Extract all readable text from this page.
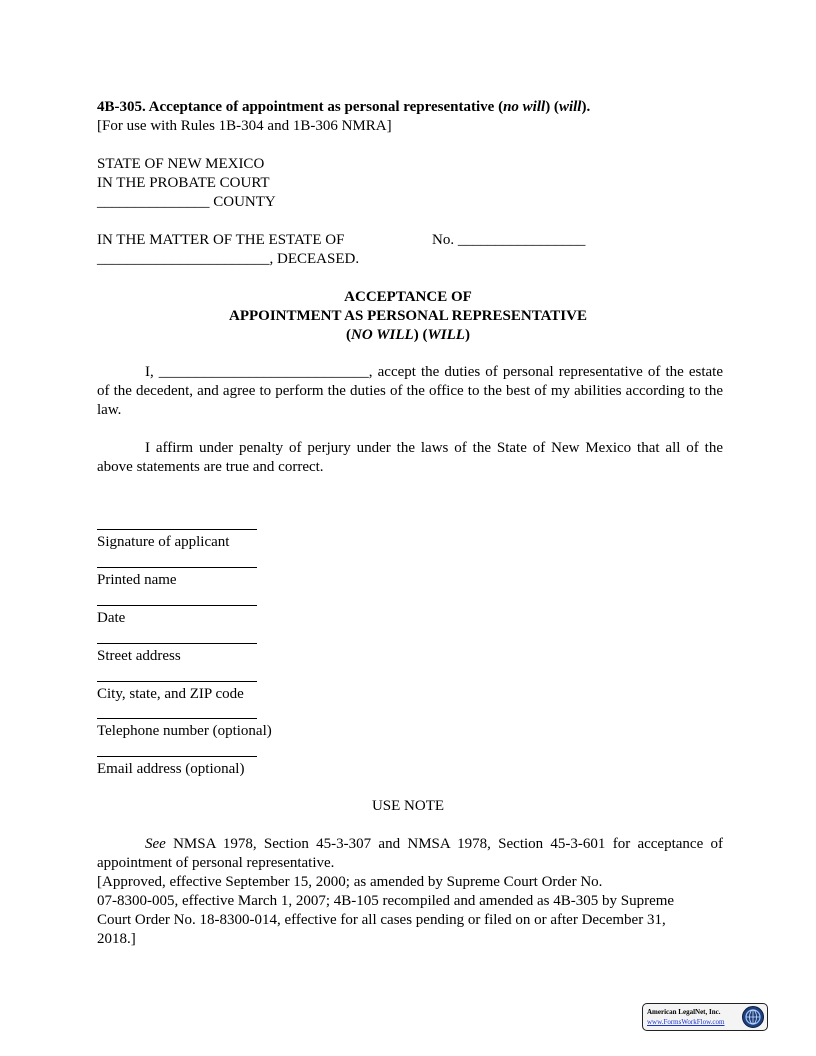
4B-305. Acceptance of appointment as personal representative (no will) (will).
[For use with Rules 1B-304 and 1B-306 NMRA]
STATE OF NEW MEXICO
IN THE PROBATE COURT
_______________ COUNTY
IN THE MATTER OF THE ESTATE OF	No. _________________
_______________________, DECEASED.
ACCEPTANCE OF
APPOINTMENT AS PERSONAL REPRESENTATIVE
(NO WILL) (WILL)
I, ____________________________, accept the duties of personal representative of the estate of the decedent, and agree to perform the duties of the office to the best of my abilities according to the law.
I affirm under penalty of perjury under the laws of the State of New Mexico that all of the above statements are true and correct.
Signature of applicant
Printed name
Date
Street address
City, state, and ZIP code
Telephone number (optional)
Email address (optional)
USE NOTE
See NMSA 1978, Section 45-3-307 and NMSA 1978, Section 45-3-601 for acceptance of appointment of personal representative.
[Approved, effective September 15, 2000; as amended by Supreme Court Order No.
07-8300-005, effective March 1, 2007; 4B-105 recompiled and amended as 4B-305 by Supreme
Court Order No. 18-8300-014, effective for all cases pending or filed on or after December 31,
2018.]
American LegalNet, Inc.
www.FormsWorkFlow.com
